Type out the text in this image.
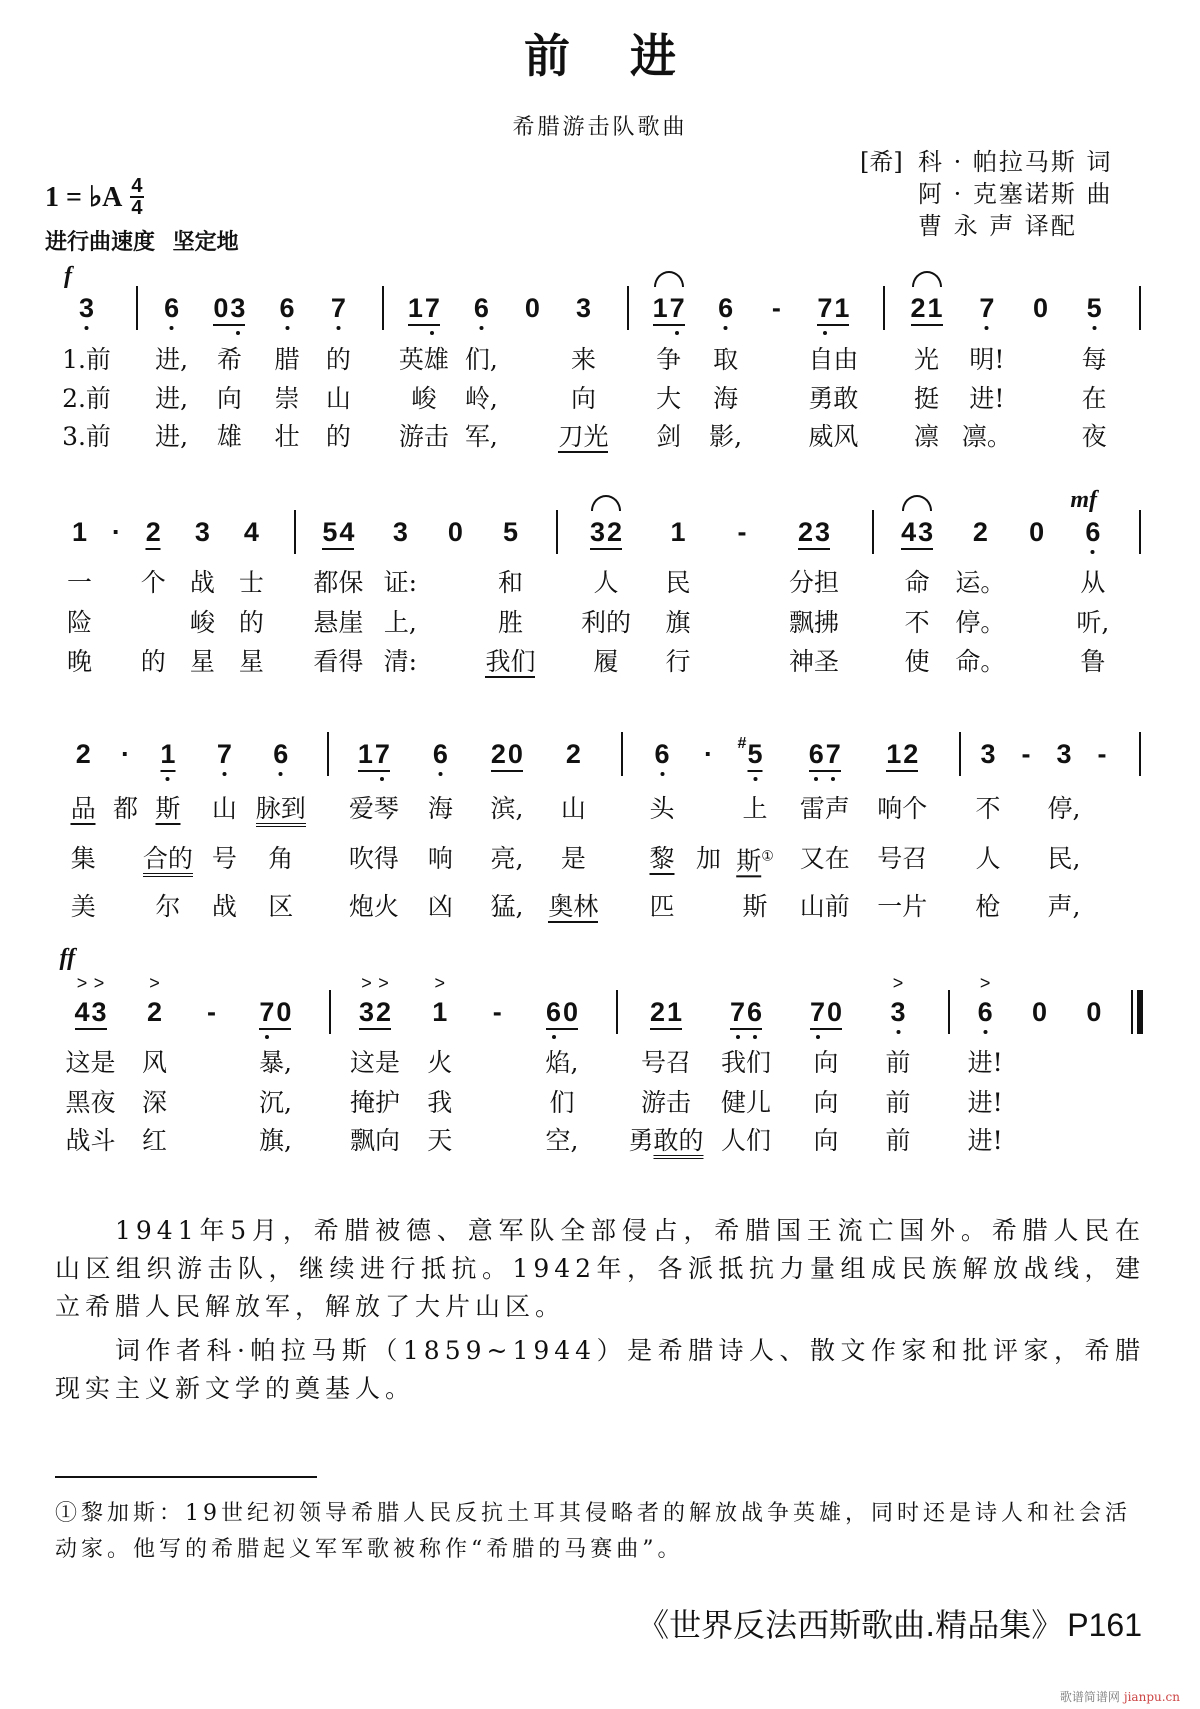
前进
希腊游击队歌曲
1 = ♭A $\frac{4}{4}$
[希] 科 · 帕拉马斯 词
阿 · 克塞诺斯 曲
曹 永 声 译配
进行曲速度 坚定地
3
f
1.前
2.前
3.前
6
进,
进,
进,
0 3
希
向
雄
6
腊
崇
壮
7
的
山
的
1 7
英雄
峻
游击
6
们,
岭,
军,
0 3
来
向
刀光
1 7
争
大
剑
6
取
海
影,
- 7 1
自由
勇敢
威风
2 1
光
挺
凛
7
明!
进!
凛。
0 5
每
在
夜
1
一
险
晚
· 2
个
的
3
战
峻
星
4
士
的
星
5 4
都保
悬崖
看得
3
证:
上,
清:
0 5
和
胜
我们
3 2
人
利的
履
1
民
旗
行
- 2 3
分担
飘拂
神圣
4 3
命
不
使
2
运。
停。
命。
0 6
mf
从
听,
鲁
2
品
集
美
·
都
1
斯
合的
尔
7
山
号
战
6
脉到
角
区
1 7
爱琴
吹得
炮火
6
海
响
凶
2 0
滨,
亮,
猛,
2
山
是
奥林
6
头
黎
匹
·
加
5
#
上
斯①
斯
6 7
雷声
又在
山前
1 2
响个
号召
一片
3
不
人
枪
- 3
停,
民,
声,
-
4
>
3
>
ff
这是
黑夜
战斗
2
>
风
深
红
- 7 0
暴,
沉,
旗,
3
>
2
>
这是
掩护
飘向
1
>
火
我
天
- 6 0
焰,
们
空,
2 1
号召
游击
勇敢的
7 6
我们
健儿
人们
7 0
向
向
向
3
>
前
前
前
6
>
进!
进!
进!
0 0

1941年5月，希腊被德、意军队全部侵占，希腊国王流亡国外。希腊人民在山区组织游击队，继续进行抵抗。1942年，各派抵抗力量组成民族解放战线，建立希腊人民解放军，解放了大片山区。

词作者科·帕拉马斯（1859~1944）是希腊诗人、散文作家和批评家，希腊现实主义新文学的奠基人。

①黎加斯：19世纪初领导希腊人民反抗土耳其侵略者的解放战争英雄，同时还是诗人和社会活动家。他写的希腊起义军军歌被称作“希腊的马赛曲”。
《世界反法西斯歌曲.精品集》 P161
歌谱简谱网 jianpu.cn
